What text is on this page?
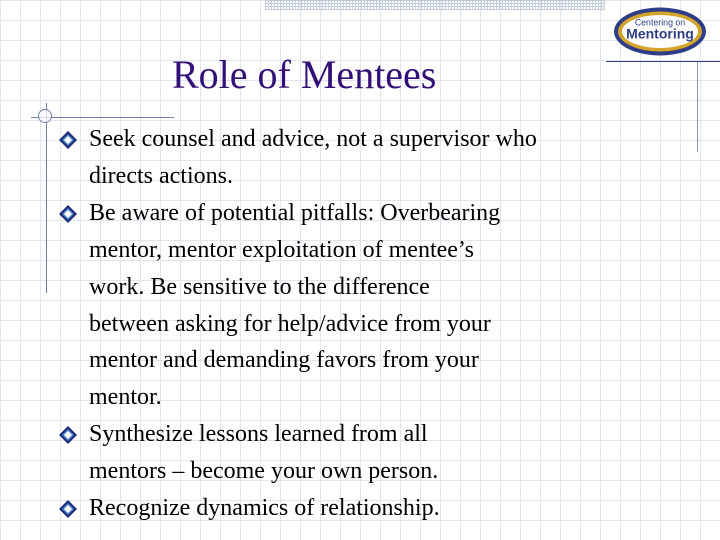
Centering on
Mentoring
Role of Mentees
Seek counsel and advice, not a supervisor who
directs actions.
Be aware of potential pitfalls: Overbearing
mentor, mentor exploitation of mentee’s
work. Be sensitive to the difference
between asking for help/advice from your
mentor and demanding favors from your
mentor.
Synthesize lessons learned from all
mentors – become your own person.
Recognize dynamics of relationship.
